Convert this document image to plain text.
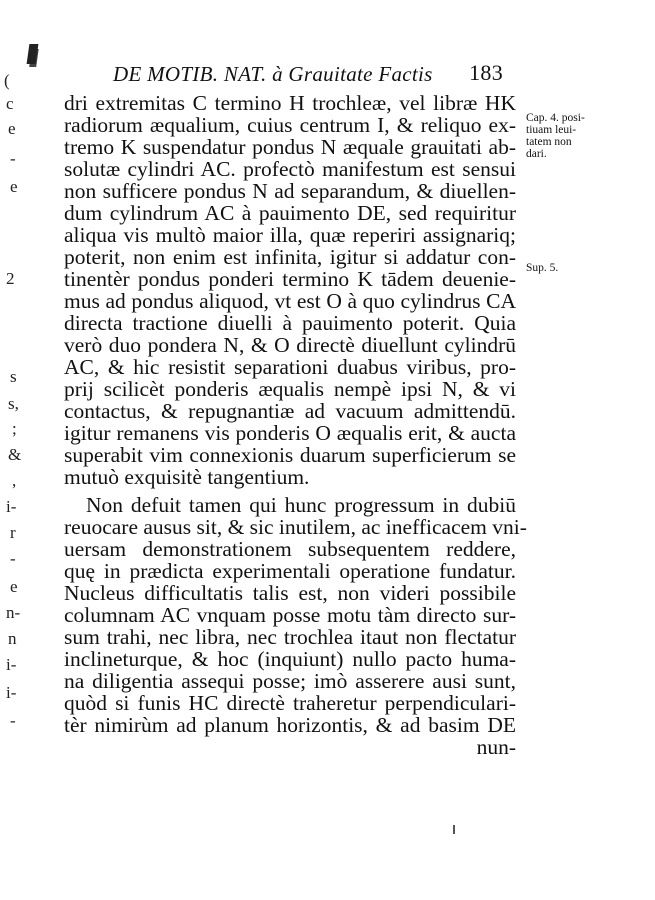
(
c
e
-
e
2
s
s,
;
&
,
i-
r
-
e
n-
n
i-
i-
-
DE MOTIB. NAT. à Grauitate Factis 183
dri extremitas C termino H trochleæ, vel libræ HK
radiorum æqualium, cuius centrum I, & reliquo ex-
tremo K suspendatur pondus N æquale grauitati ab-
solutæ cylindri AC. profectò manifestum est sensui
non sufficere pondus N ad separandum, & diuellen-
dum cylindrum AC à pauimento DE, sed requiritur
aliqua vis multò maior illa, quæ reperiri assignariq;
poterit, non enim est infinita, igitur si addatur con-
tinentèr pondus ponderi termino K tādem deuenie-
mus ad pondus aliquod, vt est O à quo cylindrus CA
directa tractione diuelli à pauimento poterit. Quia
verò duo pondera N, & O directè diuellunt cylindrū
AC, & hic resistit separationi duabus viribus, pro-
prij scilicèt ponderis æqualis nempè ipsi N, & vi
contactus, & repugnantiæ ad vacuum admittendū.
igitur remanens vis ponderis O æqualis erit, & aucta
superabit vim connexionis duarum superficierum se
mutuò exquisitè tangentium.
Non defuit tamen qui hunc progressum in dubiū
reuocare ausus sit, & sic inutilem, ac inefficacem vni-
uersam demonstrationem subsequentem reddere,
quę in prædicta experimentali operatione fundatur.
Nucleus difficultatis talis est, non videri possibile
columnam AC vnquam posse motu tàm directo sur-
sum trahi, nec libra, nec trochlea itaut non flectatur
inclineturque, & hoc (inquiunt) nullo pacto huma-
na diligentia assequi posse; imò asserere ausi sunt,
quòd si funis HC directè traheretur perpendiculari-
tèr nimirùm ad planum horizontis, & ad basim DE
nun-
Cap. 4. posi-
tiuam leui-
tatem non
dari.
Sup. 5.
